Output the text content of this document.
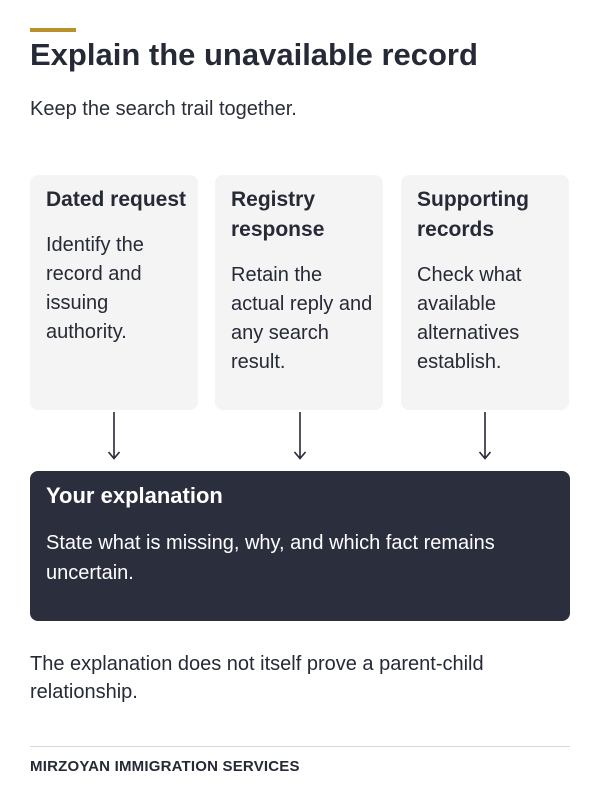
Explain the unavailable record

Keep the search trail together.

Dated request

Identify the record and issuing authority.

Registry response

Retain the actual reply and any search result.

Supporting records

Check what available alternatives establish.

Your explanation

State what is missing, why, and which fact remains uncertain.

The explanation does not itself prove a parent-child relationship.

MIRZOYAN IMMIGRATION SERVICES
